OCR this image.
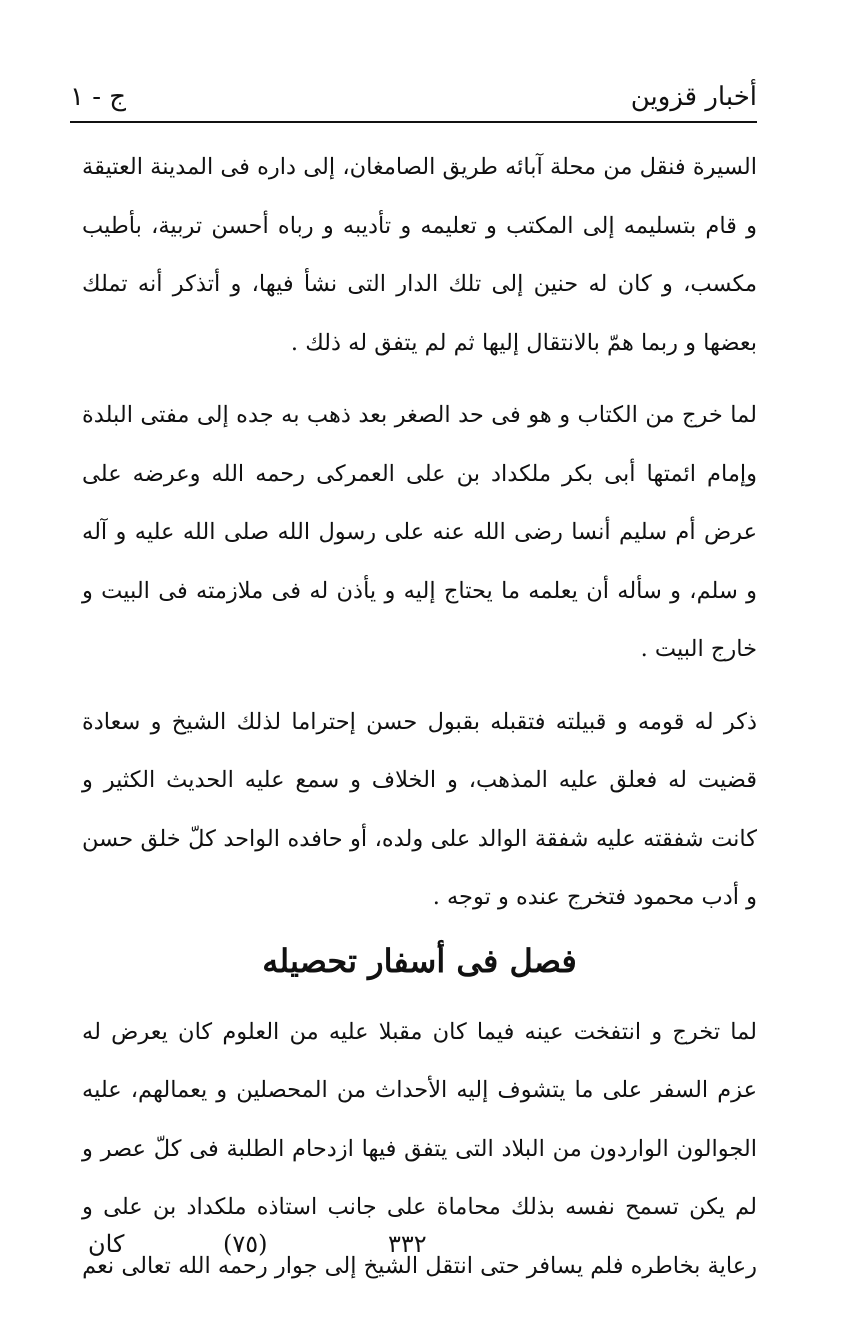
أخبار قزوين
ج - ١

السيرة فنقل من محلة آبائه طريق الصامغان، إلى داره فى المدينة العتيقة و قام بتسليمه إلى المكتب و تعليمه و تأديبه و رباه أحسن تربية، بأطيب مكسب، و كان له حنين إلى تلك الدار التى نشأ فيها، و أتذكر أنه تملك بعضها و ربما همّ بالانتقال إليها ثم لم يتفق له ذلك .

لما خرج من الكتاب و هو فى حد الصغر بعد ذهب به جده إلى مفتى البلدة وإمام ائمتها أبى بكر ملكداد بن على العمركى رحمه الله وعرضه على عرض أم سليم أنسا رضى الله عنه على رسول الله صلى الله عليه و آله و سلم، و سأله أن يعلمه ما يحتاج إليه و يأذن له فى ملازمته فى البيت و خارج البيت .

ذكر له قومه و قبيلته فتقبله بقبول حسن إحتراما لذلك الشيخ و سعادة قضيت له فعلق عليه المذهب، و الخلاف و سمع عليه الحديث الكثير و كانت شفقته عليه شفقة الوالد على ولده، أو حافده الواحد كلّ خلق حسن و أدب محمود فتخرج عنده و توجه .

فصل فى أسفار تحصيله

لما تخرج و انتفخت عينه فيما كان مقبلا عليه من العلوم كان يعرض له عزم السفر على ما يتشوف إليه الأحداث من المحصلين و يعمالهم، عليه الجوالون الواردون من البلاد التى يتفق فيها ازدحام الطلبة فى كلّ عصر و لم يكن تسمح نفسه بذلك محاماة على جانب استاذه ملكداد بن على و رعاية بخاطره فلم يسافر حتى انتقل الشيخ إلى جوار رحمه الله تعالى نعم

٣٣٢
(٧٥)
كان
